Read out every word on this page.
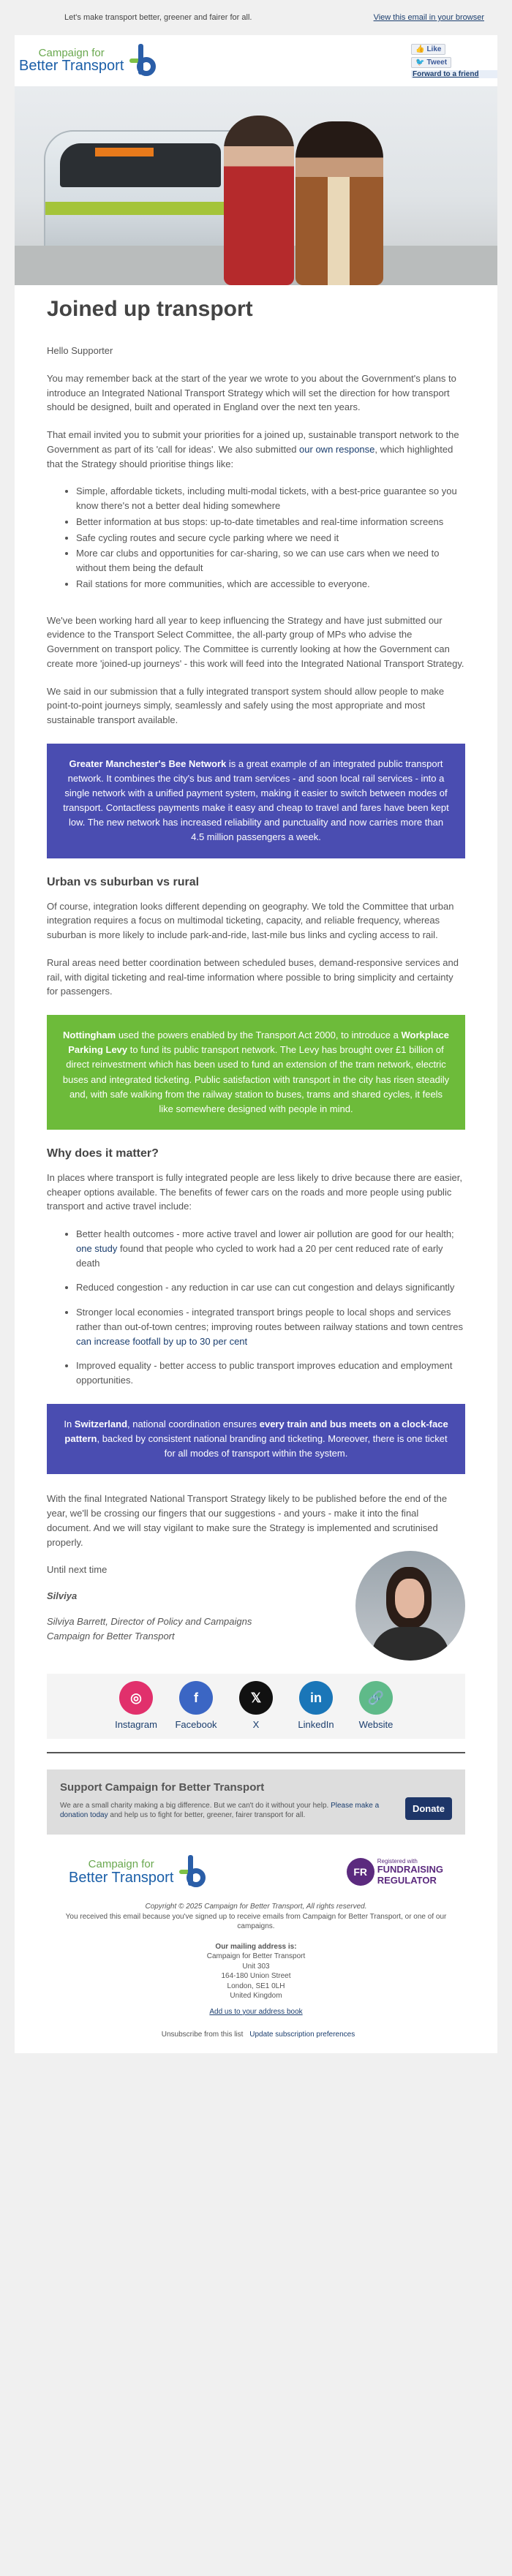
Let's make transport better, greener and fairer for all.	View this email in your browser
Campaign for
Better Transport
👍 Like
🐦 Tweet
Forward to a friend
Joined up transport

Hello Supporter

You may remember back at the start of the year we wrote to you about the Government's plans to introduce an Integrated National Transport Strategy which will set the direction for how transport should be designed, built and operated in England over the next ten years.

That email invited you to submit your priorities for a joined up, sustainable transport network to the Government as part of its 'call for ideas'. We also submitted our own response, which highlighted that the Strategy should prioritise things like:

• Simple, affordable tickets, including multi-modal tickets, with a best-price guarantee so you know there's not a better deal hiding somewhere
• Better information at bus stops: up-to-date timetables and real-time information screens
• Safe cycling routes and secure cycle parking where we need it
• More car clubs and opportunities for car-sharing, so we can use cars when we need to without them being the default
• Rail stations for more communities, which are accessible to everyone.

We've been working hard all year to keep influencing the Strategy and have just submitted our evidence to the Transport Select Committee, the all-party group of MPs who advise the Government on transport policy. The Committee is currently looking at how the Government can create more 'joined-up journeys' - this work will feed into the Integrated National Transport Strategy.

We said in our submission that a fully integrated transport system should allow people to make point-to-point journeys simply, seamlessly and safely using the most appropriate and most sustainable transport available.

Greater Manchester's Bee Network is a great example of an integrated public transport network. It combines the city's bus and tram services - and soon local rail services - into a single network with a unified payment system, making it easier to switch between modes of transport. Contactless payments make it easy and cheap to travel and fares have been kept low. The new network has increased reliability and punctuality and now carries more than 4.5 million passengers a week.
Urban vs suburban vs rural

Of course, integration looks different depending on geography. We told the Committee that urban integration requires a focus on multimodal ticketing, capacity, and reliable frequency, whereas suburban is more likely to include park-and-ride, last-mile bus links and cycling access to rail.

Rural areas need better coordination between scheduled buses, demand-responsive services and rail, with digital ticketing and real-time information where possible to bring simplicity and certainty for passengers.

Nottingham used the powers enabled by the Transport Act 2000, to introduce a Workplace Parking Levy to fund its public transport network. The Levy has brought over £1 billion of direct reinvestment which has been used to fund an extension of the tram network, electric buses and integrated ticketing. Public satisfaction with transport in the city has risen steadily and, with safe walking from the railway station to buses, trams and shared cycles, it feels like somewhere designed with people in mind.
Why does it matter?

In places where transport is fully integrated people are less likely to drive because there are easier, cheaper options available. The benefits of fewer cars on the roads and more people using public transport and active travel include:

• Better health outcomes - more active travel and lower air pollution are good for our health; one study found that people who cycled to work had a 20 per cent reduced rate of early death
• Reduced congestion - any reduction in car use can cut congestion and delays significantly
• Stronger local economies - integrated transport brings people to local shops and services rather than out-of-town centres; improving routes between railway stations and town centres can increase footfall by up to 30 per cent
• Improved equality - better access to public transport improves education and employment opportunities.
In Switzerland, national coordination ensures every train and bus meets on a clock-face pattern, backed by consistent national branding and ticketing. Moreover, there is one ticket for all modes of transport within the system.

With the final Integrated National Transport Strategy likely to be published before the end of the year, we'll be crossing our fingers that our suggestions - and yours - make it into the final document. And we will stay vigilant to make sure the Strategy is implemented and scrutinised properly.

Until next time

Silviya
Silviya Barrett, Director of Policy and Campaigns
Campaign for Better Transport
◎
Instagram
f
Facebook
𝕏
X
in
LinkedIn
🔗
Website
Support Campaign for Better Transport

We are a small charity making a big difference. But we can't do it without your help. Please make a donation today and help us to fight for better, greener, fairer transport for all.

Donate
Campaign for
Better Transport	FR
Registered with
FUNDRAISING
REGULATOR
Copyright © 2025 Campaign for Better Transport, All rights reserved.
You received this email because you've signed up to receive emails from Campaign for Better Transport, or one of our campaigns.
Our mailing address is:
Campaign for Better Transport
Unit 303
164-180 Union Street
London, SE1 0LH
United Kingdom
Add us to your address book
Unsubscribe from this list Update subscription preferences
